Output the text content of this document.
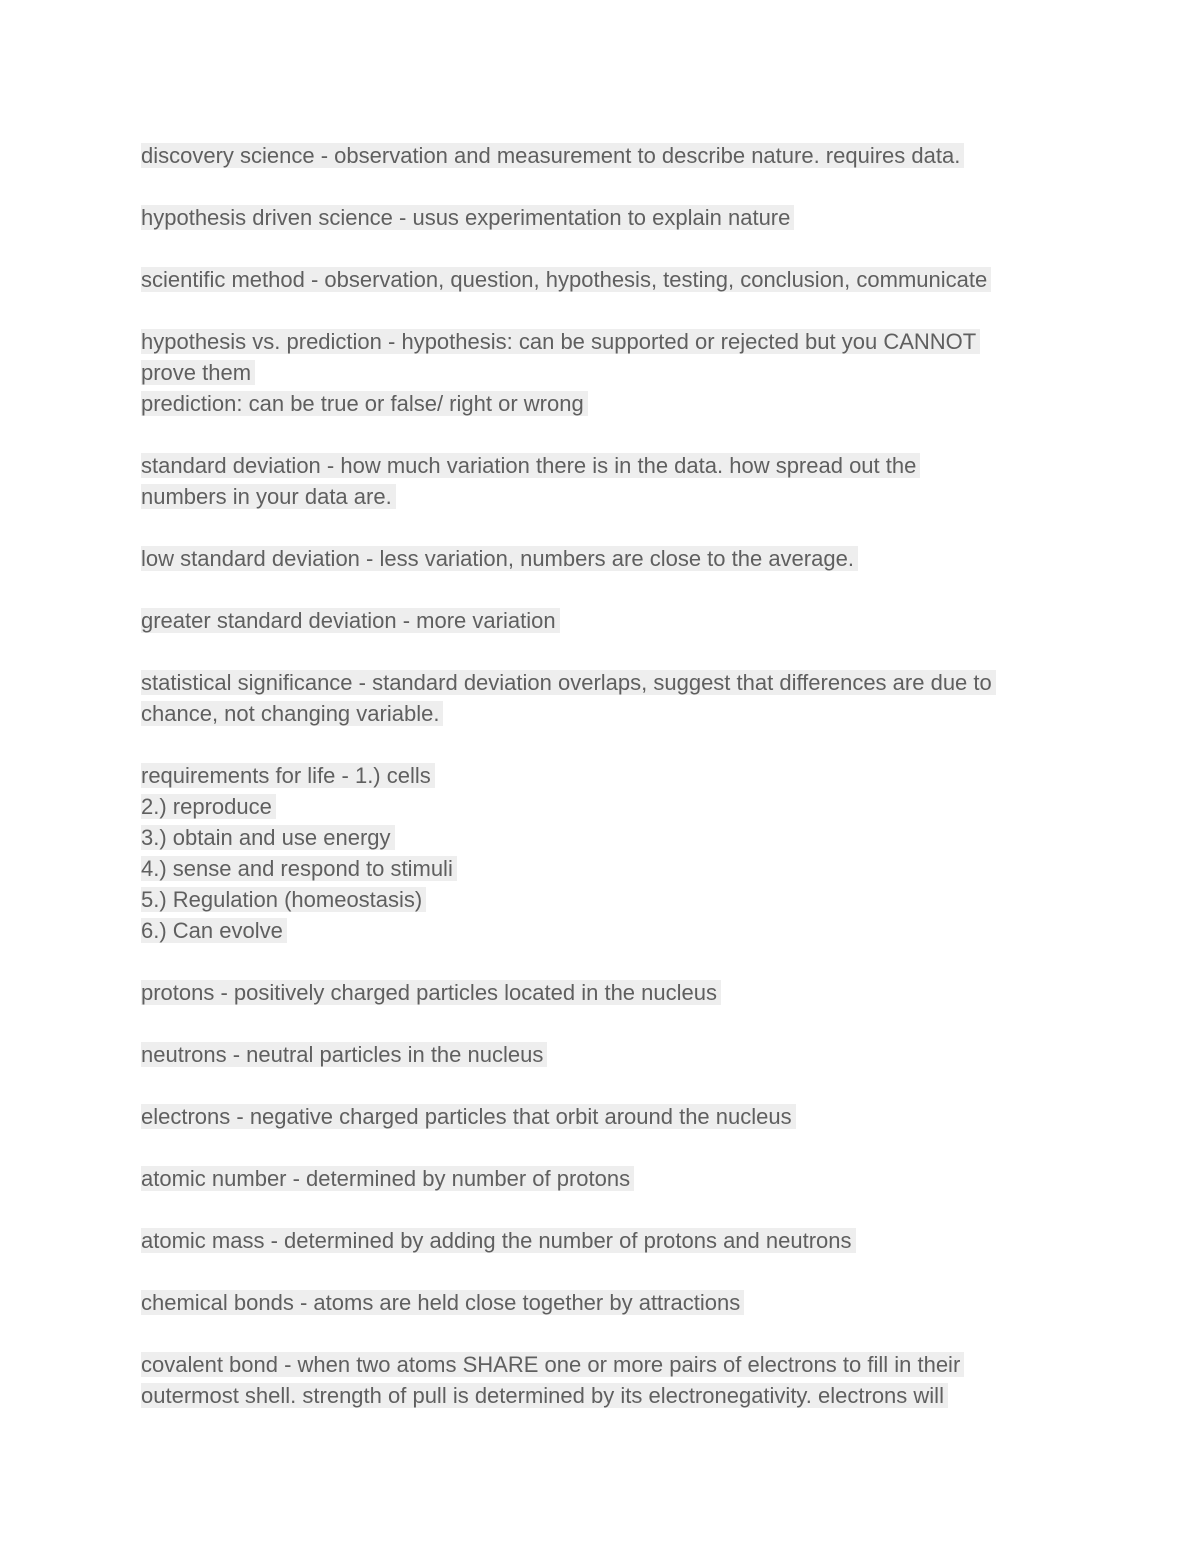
discovery science - observation and measurement to describe nature. requires data.
hypothesis driven science - usus experimentation to explain nature
scientific method - observation, question, hypothesis, testing, conclusion, communicate
hypothesis vs. prediction - hypothesis: can be supported or rejected but you CANNOT
prove them
prediction: can be true or false/ right or wrong
standard deviation - how much variation there is in the data. how spread out the
numbers in your data are.
low standard deviation - less variation, numbers are close to the average.
greater standard deviation - more variation
statistical significance - standard deviation overlaps, suggest that differences are due to
chance, not changing variable.
requirements for life - 1.) cells
2.) reproduce
3.) obtain and use energy
4.) sense and respond to stimuli
5.) Regulation (homeostasis)
6.) Can evolve
protons - positively charged particles located in the nucleus
neutrons - neutral particles in the nucleus
electrons - negative charged particles that orbit around the nucleus
atomic number - determined by number of protons
atomic mass - determined by adding the number of protons and neutrons
chemical bonds - atoms are held close together by attractions
covalent bond - when two atoms SHARE one or more pairs of electrons to fill in their
outermost shell. strength of pull is determined by its electronegativity. electrons will
